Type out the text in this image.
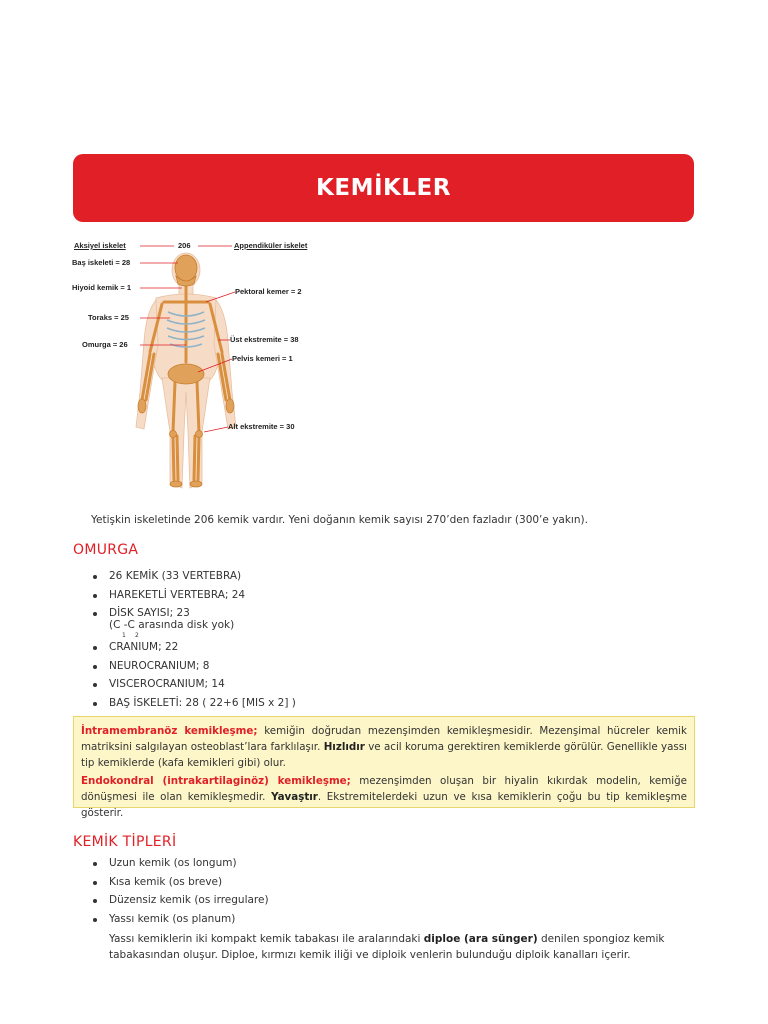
KEMİKLER
Aksiyel iskelet	206	Appendiküler iskelet
Baş iskeleti = 28
Hiyoid kemik = 1
Toraks = 25
Omurga = 26
Pektoral kemer = 2
Üst ekstremite = 38
Pelvis kemeri = 1
Alt ekstremite = 30
Yetişkin iskeletinde 206 kemik vardır. Yeni doğanın kemik sayısı 270’den fazladır (300’e yakın).
OMURGA
26 KEMİK (33 VERTEBRA)
HAREKETLİ VERTEBRA; 24
DİSK SAYISI; 23
(C -C arasında disk yok)
1 2
CRANIUM; 22
NEUROCRANIUM; 8
VISCEROCRANIUM; 14
BAŞ İSKELETİ: 28 ( 22+6 [MIS x 2] )

İntramembranöz kemikleşme; kemiğin doğrudan mezenşimden kemikleşmesidir. Mezenşimal hücreler kemik matriksini salgılayan osteoblast’lara farklılaşır. Hızlıdır ve acil koruma gerektiren kemiklerde görülür. Genellikle yassı tip kemiklerde (kafa kemikleri gibi) olur.

Endokondral (intrakartilaginöz) kemikleşme; mezenşimden oluşan bir hiyalin kıkırdak modelin, kemiğe dönüşmesi ile olan kemikleşmedir. Yavaştır. Ekstremitelerdeki uzun ve kısa kemiklerin çoğu bu tip kemikleşme gösterir.

KEMİK TİPLERİ
Uzun kemik (os longum)
Kısa kemik (os breve)
Düzensiz kemik (os irregulare)
Yassı kemik (os planum)
Yassı kemiklerin iki kompakt kemik tabakası ile aralarındaki diploe (ara sünger) denilen spongioz kemik tabakasından oluşur. Diploe, kırmızı kemik iliği ve diploik venlerin bulunduğu diploik kanalları içerir.
